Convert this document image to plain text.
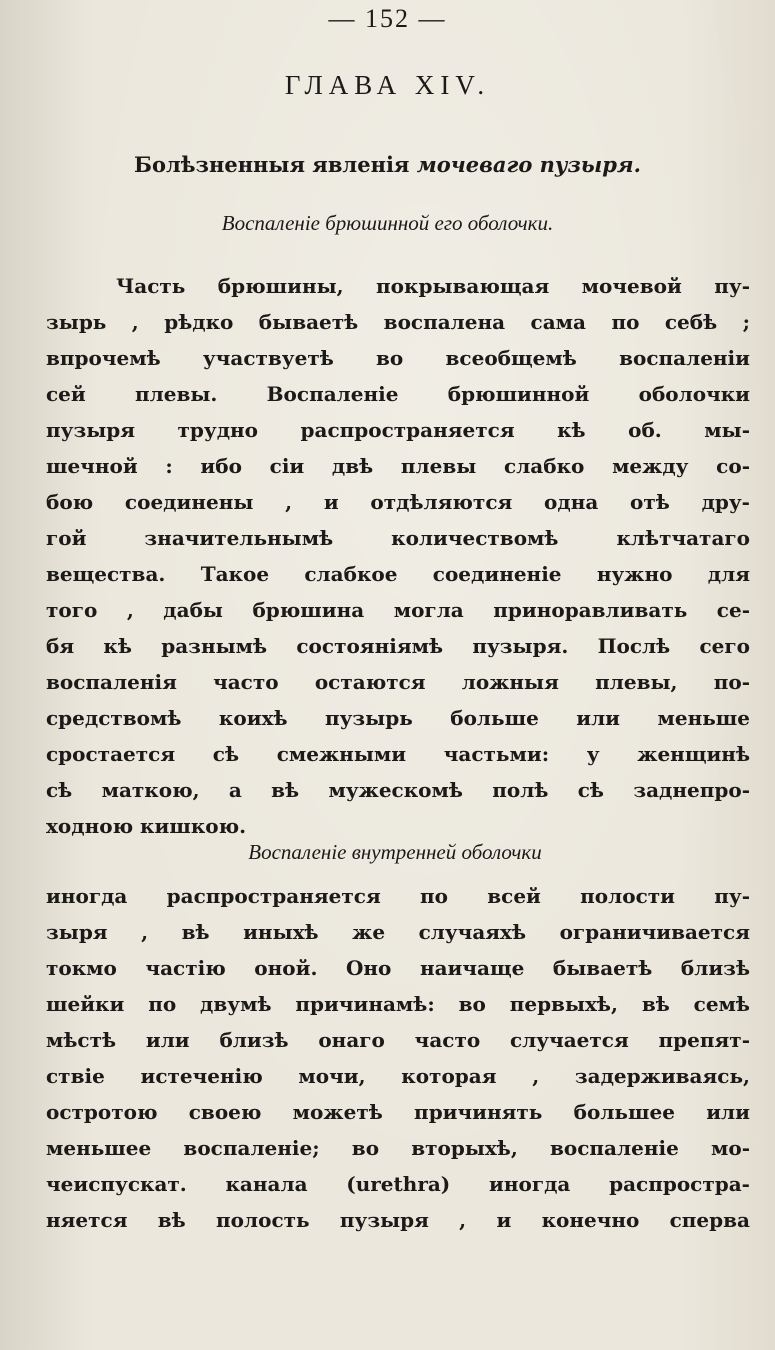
— 152 —
ГЛАВА XIV.
Болѣзненныя явленія мочеваго пузыря.
Воспаленіе брюшинной его оболочки.
Часть брюшины, покрывающая мочевой пу-
зырь , рѣдко бываетѣ воспалена сама по себѣ ;
впрочемѣ участвуетѣ во всеобщемѣ воспаленіи
сей плевы. Воспаленіе брюшинной оболочки
пузыря трудно распространяется кѣ об. мы-
шечной : ибо сіи двѣ плевы слабко между со-
бою соединены , и отдѣляются одна отѣ дру-
гой значительнымѣ количествомѣ клѣтчатаго
вещества. Такое слабкое соединеніе нужно для
того , дабы брюшина могла приноравливать се-
бя кѣ разнымѣ состояніямѣ пузыря. Послѣ сего
воспаленія часто остаются ложныя плевы, по-
средствомѣ коихѣ пузырь больше или меньше
сростается сѣ смежными частьми: у женщинѣ
сѣ маткою, а вѣ мужескомѣ полѣ сѣ заднепро-
ходною кишкою.
Воспаленіе внутренней оболочки
иногда распространяется по всей полости пу-
зыря , вѣ иныхѣ же случаяхѣ ограничивается
токмо частію оной. Оно наичаще бываетѣ близѣ
шейки по двумѣ причинамѣ: во первыхѣ, вѣ семѣ
мѣстѣ или близѣ онаго часто случается препят-
ствіе истеченію мочи, которая , задерживаясь,
остротою своею можетѣ причинять большее или
меньшее воспаленіе; во вторыхѣ, воспаленіе мо-
чеиспускат. канала (urethra) иногда распростра-
няется вѣ полость пузыря , и конечно сперва
